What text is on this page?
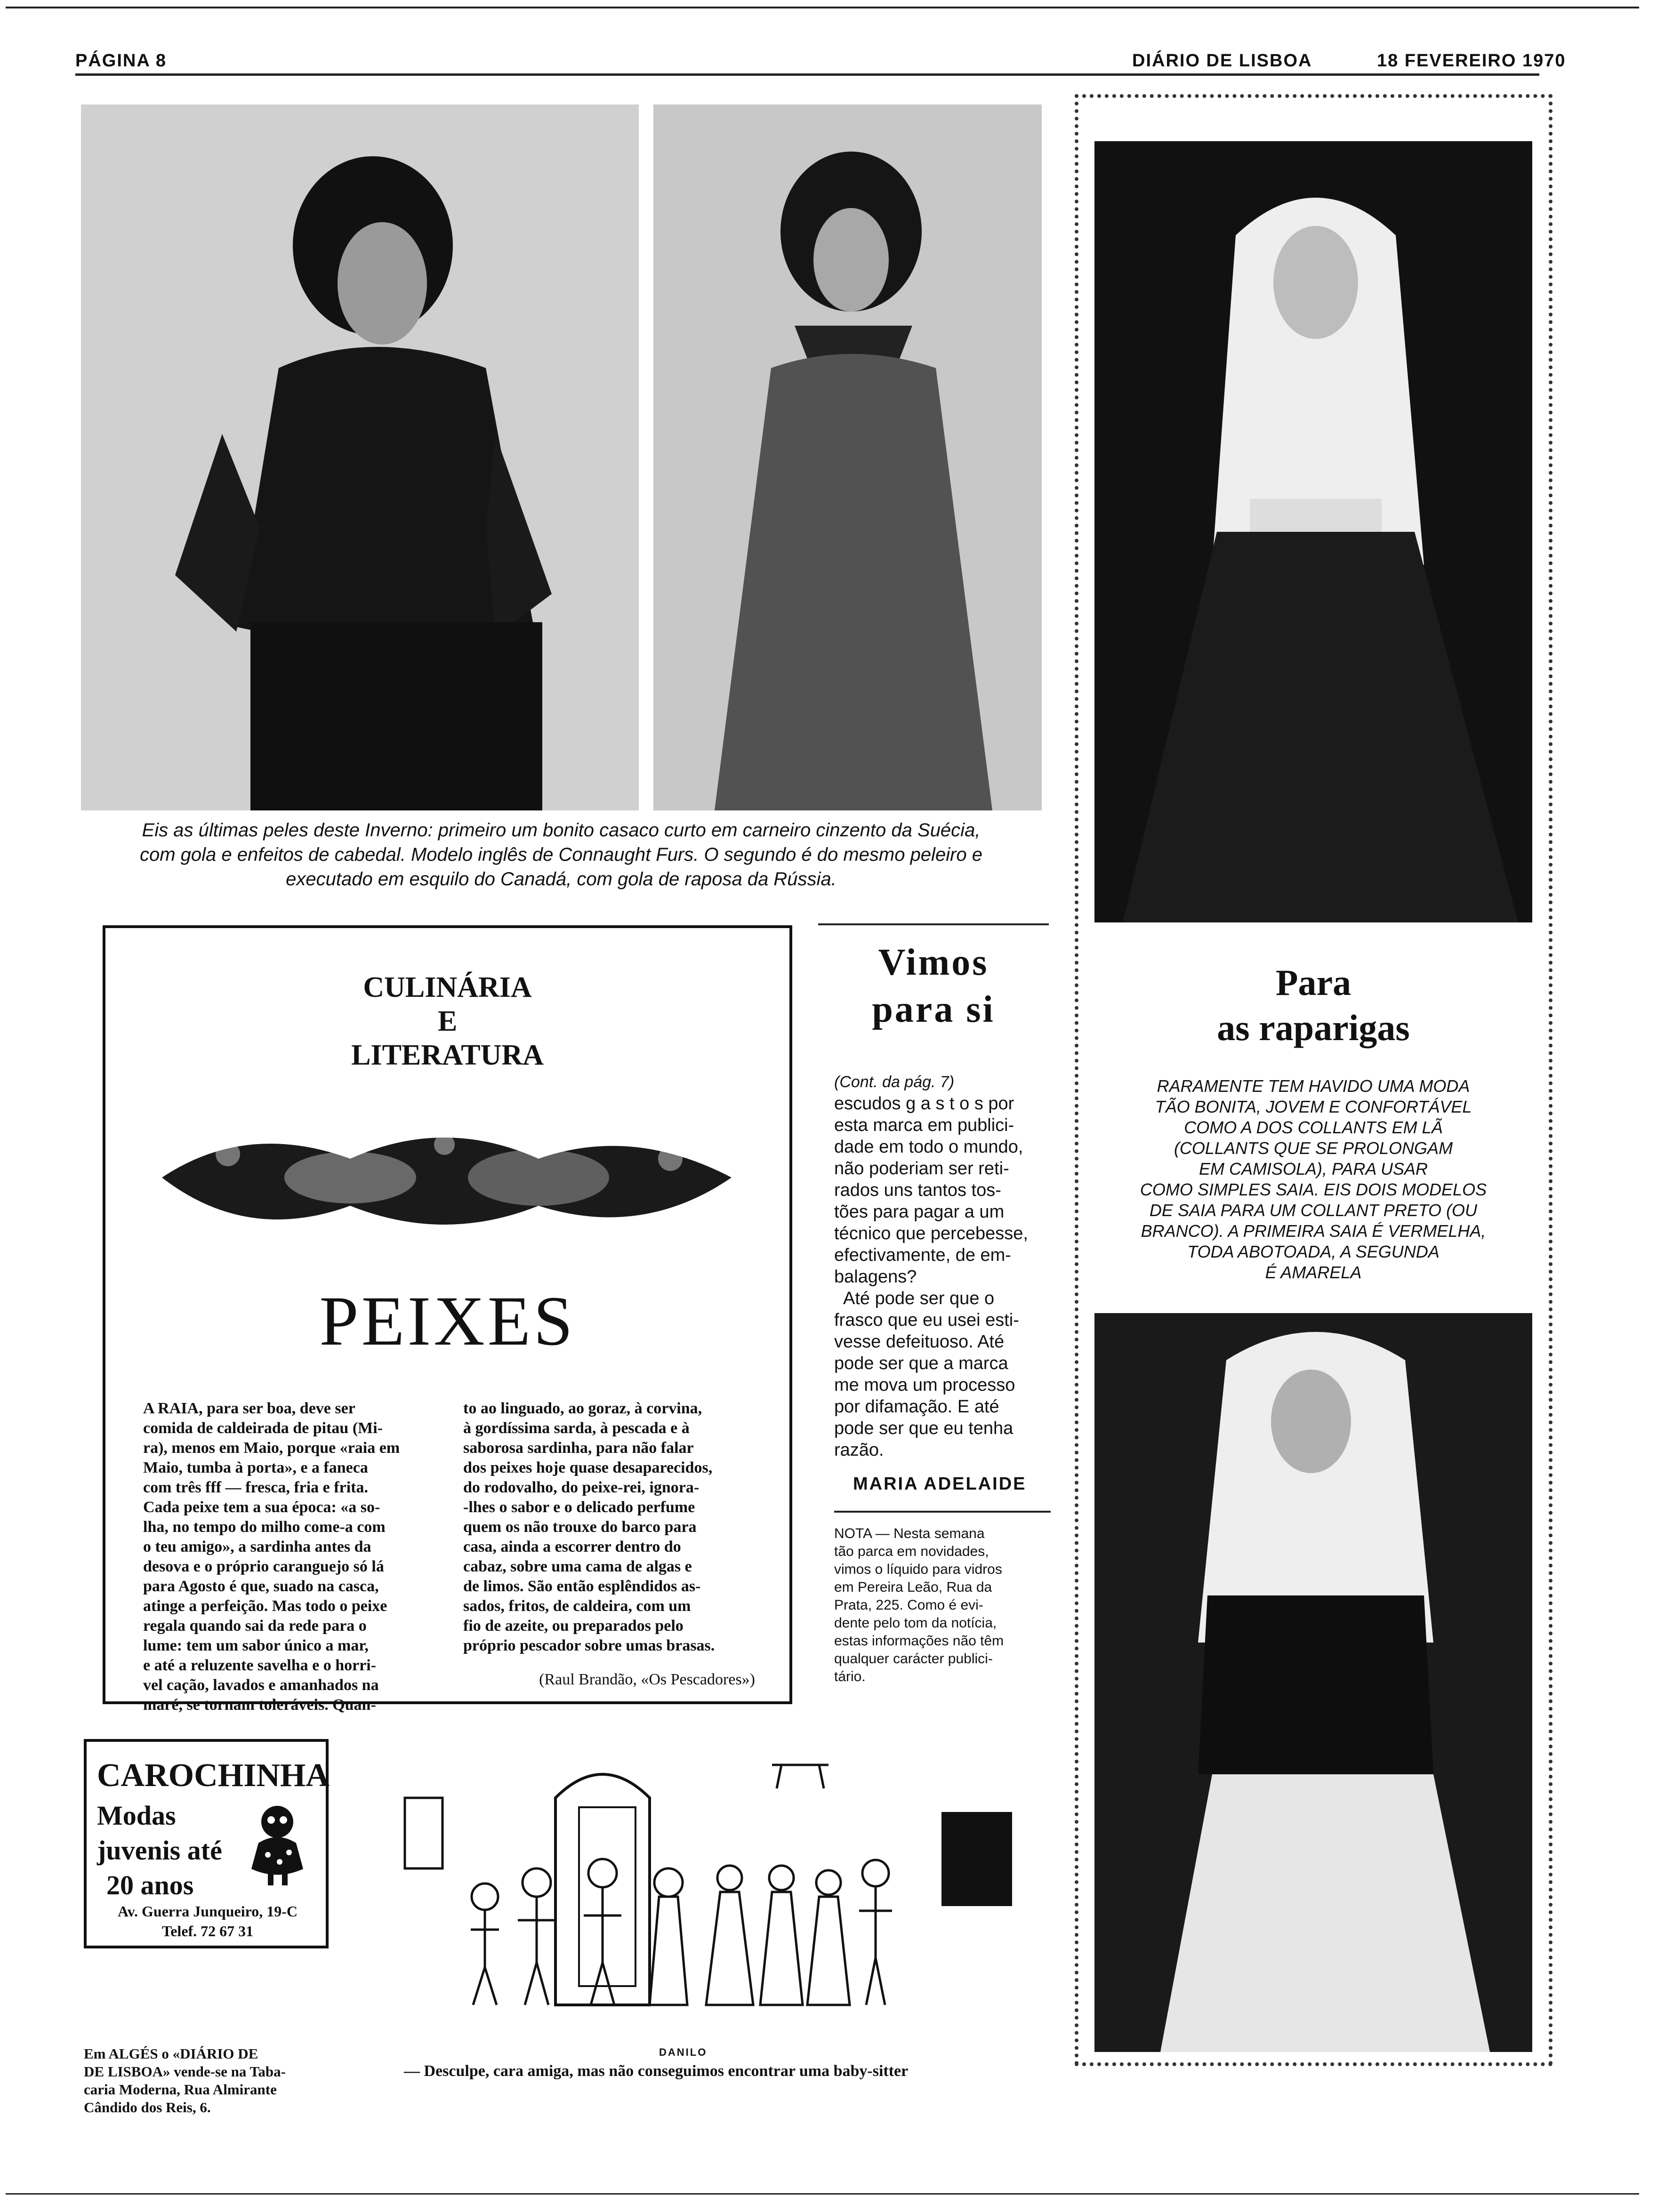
PÁGINA 8	DIÁRIO DE LISBOA	18 FEVEREIRO 1970
Eis as últimas peles deste Inverno: primeiro um bonito casaco curto em carneiro cinzento da Suécia,
com gola e enfeitos de cabedal. Modelo inglês de Connaught Furs. O segundo é do mesmo peleiro e
executado em esquilo do Canadá, com gola de raposa da Rússia.
Para
as raparigas
RARAMENTE TEM HAVIDO UMA MODA
TÃO BONITA, JOVEM E CONFORTÁVEL
COMO A DOS COLLANTS EM LÃ
(COLLANTS QUE SE PROLONGAM
EM CAMISOLA), PARA USAR
COMO SIMPLES SAIA. EIS DOIS MODELOS
DE SAIA PARA UM COLLANT PRETO (OU
BRANCO). A PRIMEIRA SAIA É VERMELHA,
TODA ABOTOADA, A SEGUNDA
É AMARELA
CULINÁRIA
E
LITERATURA
PEIXES
A RAIA, para ser boa, deve ser
comida de caldeirada de pitau (Mi-
ra), menos em Maio, porque «raia em
Maio, tumba à porta», e a faneca
com três fff — fresca, fria e frita.
Cada peixe tem a sua época: «a so-
lha, no tempo do milho come-a com
o teu amigo», a sardinha antes da
desova e o próprio caranguejo só lá
para Agosto é que, suado na casca,
atinge a perfeição. Mas todo o peixe
regala quando sai da rede para o
lume: tem um sabor único a mar,
e até a reluzente savelha e o horri-
vel cação, lavados e amanhados na
maré, se tornam toleráveis. Quan-
to ao linguado, ao goraz, à corvina,
à gordíssima sarda, à pescada e à
saborosa sardinha, para não falar
dos peixes hoje quase desaparecidos,
do rodovalho, do peixe-rei, ignora-
-lhes o sabor e o delicado perfume
quem os não trouxe do barco para
casa, ainda a escorrer dentro do
cabaz, sobre uma cama de algas e
de limos. São então esplêndidos as-
sados, fritos, de caldeira, com um
fio de azeite, ou preparados pelo
próprio pescador sobre umas brasas.
(Raul Brandão, «Os Pescadores»)
Vimos
para si
(Cont. da pág. 7)
escudos g a s t o s por
esta marca em publici-
dade em todo o mundo,
não poderiam ser reti-
rados uns tantos tos-
tões para pagar a um
técnico que percebesse,
efectivamente, de em-
balagens?
Até pode ser que o
frasco que eu usei esti-
vesse defeituoso. Até
pode ser que a marca
me mova um processo
por difamação. E até
pode ser que eu tenha
razão.
MARIA ADELAIDE
NOTA — Nesta semana
tão parca em novidades,
vimos o líquido para vidros
em Pereira Leão, Rua da
Prata, 225. Como é evi-
dente pelo tom da notícia,
estas informações não têm
qualquer carácter publici-
tário.
CAROCHINHA
Modas
juvenis até
20 anos
Av. Guerra Junqueiro, 19-C
Telef. 72 67 31
Em ALGÉS o «DIÁRIO DE
DE LISBOA» vende-se na Taba-
caria Moderna, Rua Almirante
Cândido dos Reis, 6.
DANILO
— Desculpe, cara amiga, mas não conseguimos encontrar uma baby-sitter
